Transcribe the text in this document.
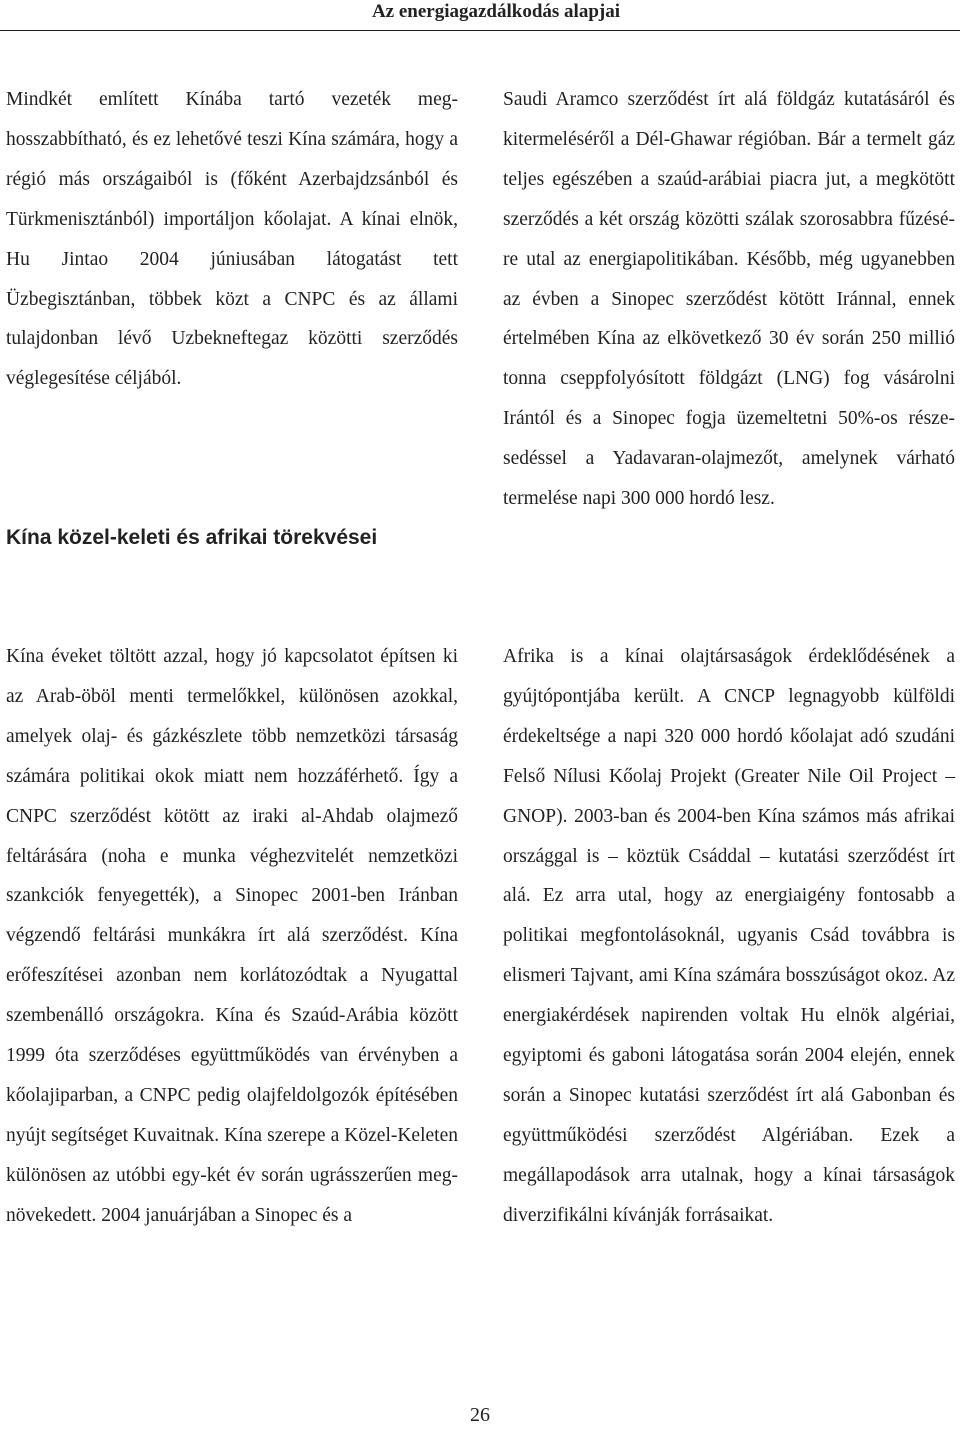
Az energiagazdálkodás alapjai

Mindkét említett Kínába tartó vezeték meghosszabbítható, és ez lehetővé teszi Kína számára, hogy a régió más országaiból is (főként Azerbajdzsánból és Türkmenisztánból) importáljon kőolajat. A kínai elnök, Hu Jintao 2004 júniusában látogatást tett Üzbegisztánban, többek közt a CNPC és az állami tulajdonban lévő Uzbekneftegaz közötti szerződés véglegesítése céljából.

Kína közel-keleti és afrikai törekvései

Saudi Aramco szerződést írt alá földgáz kutatásáról és kitermeléséről a Dél-Ghawar régióban. Bár a termelt gáz teljes egészében a szaúd-arábiai piacra jut, a megkötött szerződés a két ország közötti szálak szorosabbra fűzésére utal az energiapolitikában. Később, még ugyanebben az évben a Sinopec szerződést kötött Iránnal, ennek értelmében Kína az elkövetkező 30 év során 250 millió tonna cseppfolyósított földgázt (LNG) fog vásárolni Irántól és a Sinopec fogja üzemeltetni 50%-os részesedéssel a Yadavaran-olajmezőt, amelynek várható termelése napi 300 000 hordó lesz.

Kína éveket töltött azzal, hogy jó kapcsolatot építsen ki az Arab-öböl menti termelőkkel, különösen azokkal, amelyek olaj- és gázkészlete több nemzetközi társaság számára politikai okok miatt nem hozzáférhető. Így a CNPC szerződést kötött az iraki al-Ahdab olajmező feltárására (noha e munka véghezvitelét nemzetközi szankciók fenyegették), a Sinopec 2001-ben Iránban végzendő feltárási munkákra írt alá szerződést. Kína erőfeszítései azonban nem korlátozódtak a Nyugattal szembenálló országokra. Kína és Szaúd-Arábia között 1999 óta szerződéses együttműködés van érvényben a kőolajiparban, a CNPC pedig olajfeldolgozók építésében nyújt segítséget Kuvaitnak. Kína szerepe a Közel-Keleten különösen az utóbbi egy-két év során ugrásszerűen megnövekedett. 2004 januárjában a Sinopec és a

Afrika is a kínai olajtársaságok érdeklődésének a gyújtópontjába került. A CNCP legnagyobb külföldi érdekeltsége a napi 320 000 hordó kőolajat adó szudáni Felső Nílusi Kőolaj Projekt (Greater Nile Oil Project – GNOP). 2003-ban és 2004-ben Kína számos más afrikai országgal is – köztük Csáddal – kutatási szerződést írt alá. Ez arra utal, hogy az energiaigény fontosabb a politikai megfontolásoknál, ugyanis Csád továbbra is elismeri Tajvant, ami Kína számára bosszúságot okoz. Az energiakérdések napirenden voltak Hu elnök algériai, egyiptomi és gaboni látogatása során 2004 elején, ennek során a Sinopec kutatási szerződést írt alá Gabonban és együttműködési szerződést Algériában. Ezek a megállapodások arra utalnak, hogy a kínai társaságok diverzifikálni kívánják forrásaikat.

26
